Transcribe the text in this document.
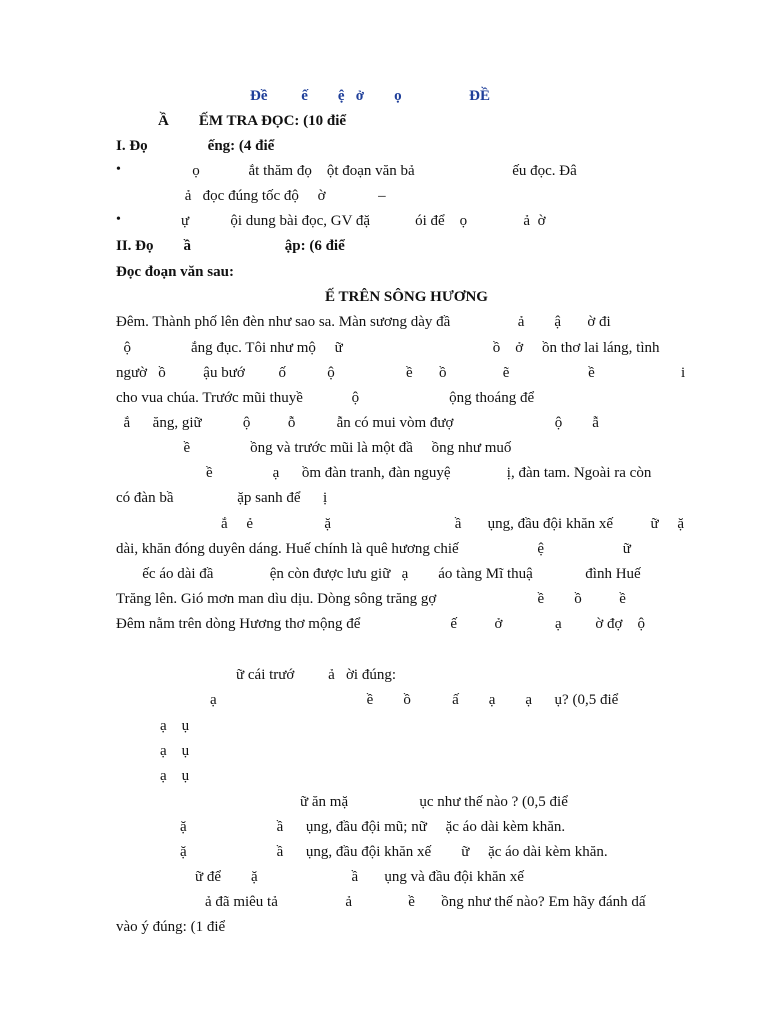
Đề         ế        ệ   ở        ọ                  ĐỀ
Ầ        ẾM TRA ĐỌC: (10 điể
I. Đọ                ếng: (4 điể
• ọ             ắt thăm đọ    ột đoạn văn bả                          ếu đọc. Đâ
ả   đọc đúng tốc độ     ờ              –
• ự           ội dung bài đọc, GV đặ            ói để    ọ               ả  ờ
II. Đọ        ầ                         ập: (6 điể
Đọc đoạn văn sau:
Ế TRÊN SÔNG HƯƠNG
Đêm. Thành phố lên đèn như sao sa. Màn sương dày đầ                  ả        ậ       ờ đi
ộ                ắng đục. Tôi như mộ     ữ                                        ồ    ở     ồn thơ lai láng, tình
ngườ   ồ          ậu bướ         ố           ộ                   ề       ồ               ẽ                     ề                       i
cho vua chúa. Trước mũi thuyề             ộ                        ộng thoáng để
ắ      ăng, giữ           ộ          ỗ           ẫn có mui vòm đượ                           ộ        ẫ
ề                ồng và trước mũi là một đầ     ồng như muố
ề                ạ      ồm đàn tranh, đàn nguyệ               ị, đàn tam. Ngoài ra còn
có đàn bầ                 ặp sanh để      ị
ắ     ẻ                   ặ                                 ầ       ụng, đầu đội khăn xế          ữ     ặ
dài, khăn đóng duyên dáng. Huế chính là quê hương chiế                     ệ                     ữ
ếc áo dài đầ               ện còn được lưu giữ   ạ        áo tàng Mĩ thuậ              đình Huế
Trăng lên. Gió mơn man dìu dịu. Dòng sông trăng gợ                           ề        ồ          ề
Đêm nằm trên dòng Hương thơ mộng để                        ế          ở              ạ         ờ đợ    ộ
ữ cái trướ         ả   ời đúng:
ạ                                        ề        ồ           ấ        ạ        ạ      ụ? (0,5 điể
ạ    ụ
ạ    ụ
ạ    ụ
ữ ăn mặ                   ục như thế nào ? (0,5 điể
ặ                        ầ      ụng, đầu đội mũ; nữ     ặc áo dài kèm khăn.
ặ                        ầ      ụng, đầu đội khăn xế        ữ     ặc áo dài kèm khăn.
ữ để        ặ                         ầ       ụng và đầu đội khăn xế
ả đã miêu tả                  ả               ề       ồng như thế nào? Em hãy đánh dấ
vào ý đúng: (1 điể
